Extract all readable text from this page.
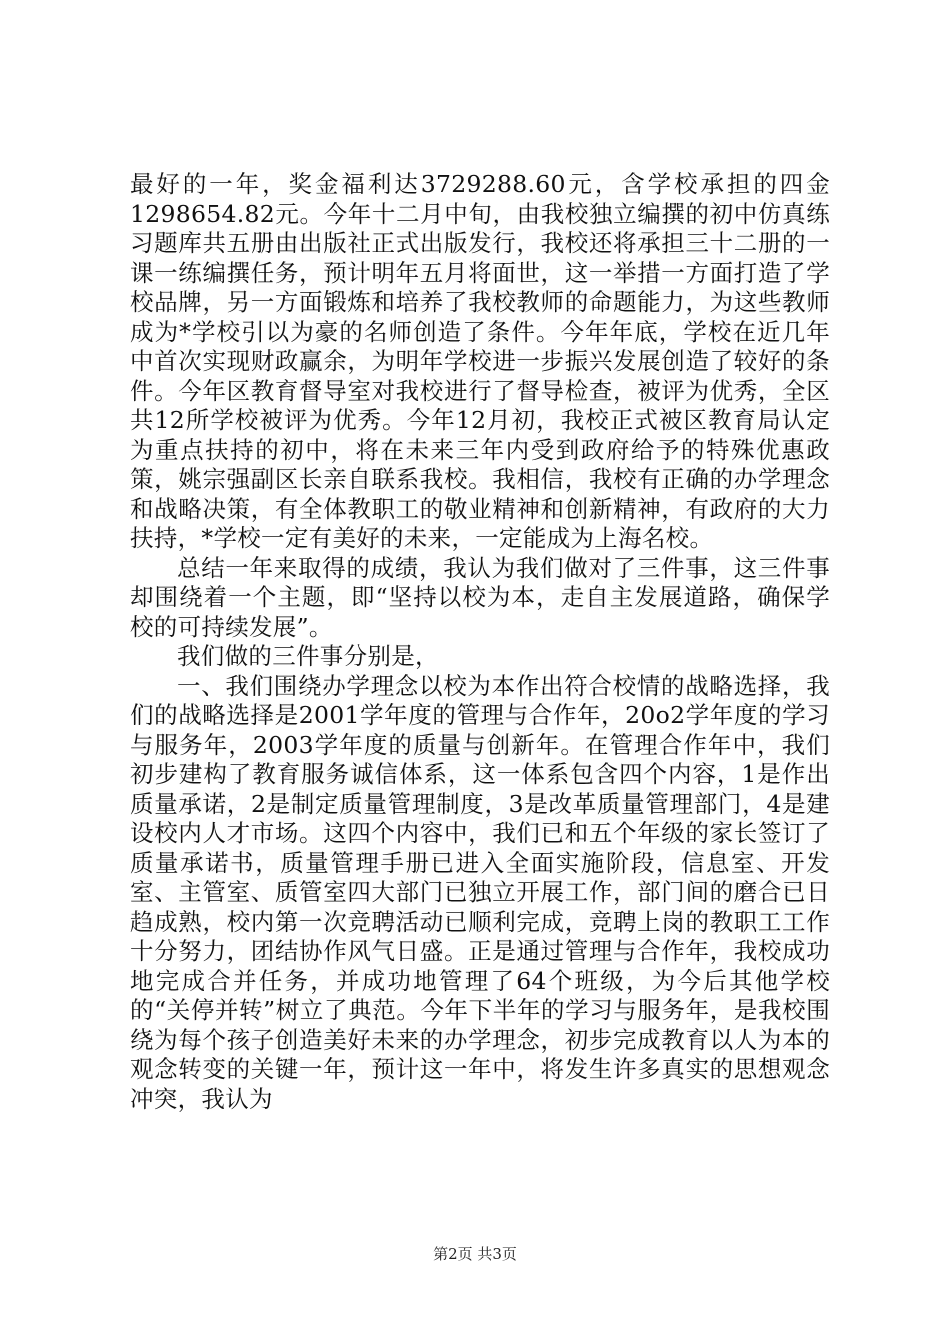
最好的一年，奖金福利达3729288.60元，含学校承担的四金1298654.82元。今年十二月中旬，由我校独立编撰的初中仿真练习题库共五册由出版社正式出版发行，我校还将承担三十二册的一课一练编撰任务，预计明年五月将面世，这一举措一方面打造了学校品牌，另一方面锻炼和培养了我校教师的命题能力，为这些教师成为*学校引以为豪的名师创造了条件。今年年底，学校在近几年中首次实现财政赢余，为明年学校进一步振兴发展创造了较好的条件。今年区教育督导室对我校进行了督导检查，被评为优秀，全区共12所学校被评为优秀。今年12月初，我校正式被区教育局认定为重点扶持的初中，将在未来三年内受到政府给予的特殊优惠政策，姚宗强副区长亲自联系我校。我相信，我校有正确的办学理念和战略决策，有全体教职工的敬业精神和创新精神，有政府的大力扶持，*学校一定有美好的未来，一定能成为上海名校。

总结一年来取得的成绩，我认为我们做对了三件事，这三件事却围绕着一个主题，即“坚持以校为本，走自主发展道路，确保学校的可持续发展”。

我们做的三件事分别是，

一、我们围绕办学理念以校为本作出符合校情的战略选择，我们的战略选择是2001学年度的管理与合作年，20o2学年度的学习与服务年，2003学年度的质量与创新年。在管理合作年中，我们初步建构了教育服务诚信体系，这一体系包含四个内容，1是作出质量承诺，2是制定质量管理制度，3是改革质量管理部门，4是建设校内人才市场。这四个内容中，我们已和五个年级的家长签订了质量承诺书，质量管理手册已进入全面实施阶段，信息室、开发室、主管室、质管室四大部门已独立开展工作，部门间的磨合已日趋成熟，校内第一次竞聘活动已顺利完成，竞聘上岗的教职工工作十分努力，团结协作风气日盛。正是通过管理与合作年，我校成功地完成合并任务，并成功地管理了64个班级，为今后其他学校的“关停并转”树立了典范。今年下半年的学习与服务年，是我校围绕为每个孩子创造美好未来的办学理念，初步完成教育以人为本的观念转变的关键一年，预计这一年中，将发生许多真实的思想观念冲突，我认为

第2页 共3页
